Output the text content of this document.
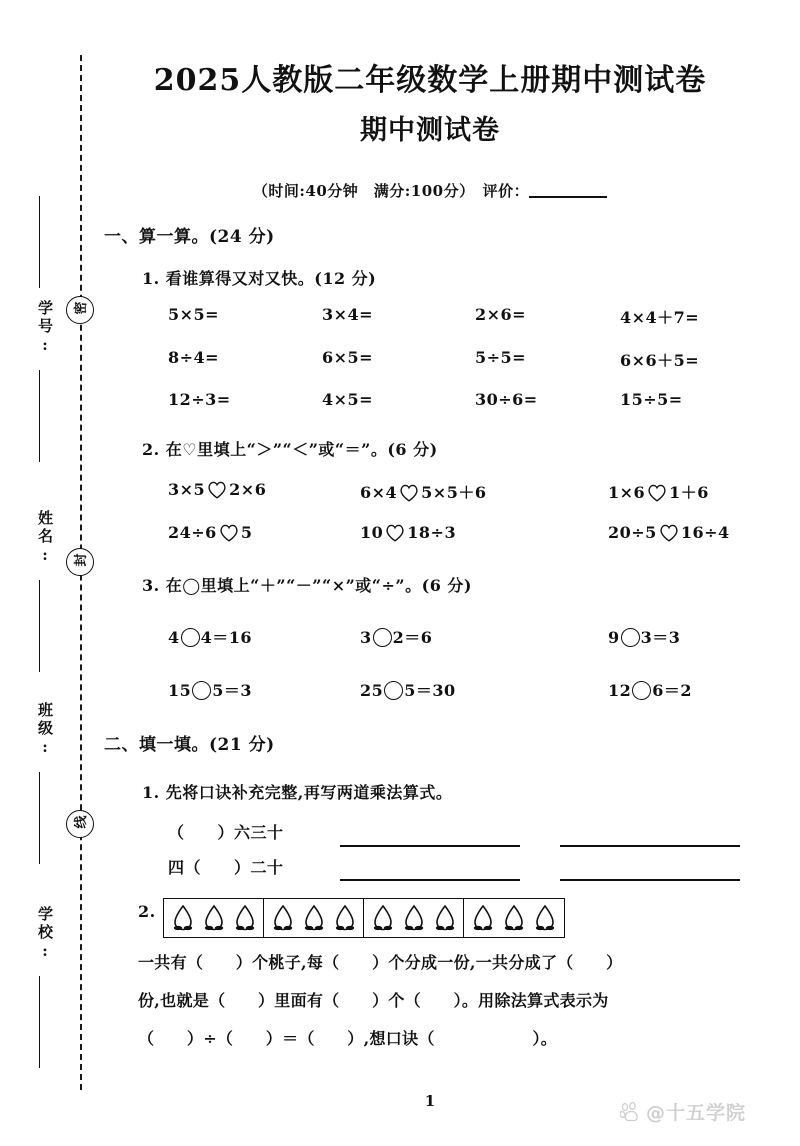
密
封
线
学号:
姓名:
班级:
学校:
2025人教版二年级数学上册期中测试卷
期中测试卷
（时间:40分钟　满分:100分）　评价：
一、算一算。(24 分)
1. 看谁算得又对又快。(12 分)
5×5=	3×4=	2×6=	4×4＋7=
8÷4=	6×5=	5÷5=	6×6＋5=
12÷3=	4×5=	30÷6=	15÷5=
2. 在♡里填上“＞”“＜”或“＝”。(6 分)
3×5 2×6	6×4 5×5＋6	1×6 1＋6
24÷6 5	10 18÷3	20÷5 16÷4
3. 在◯里填上“＋”“－”“×”或“÷”。(6 分)
4 4＝16	3 2＝6	9 3＝3
15 5＝3	25 5＝30	12 6＝2
二、填一填。(21 分)
1. 先将口诀补充完整,再写两道乘法算式。
（　　）六三十
四（　　）二十
2.
一共有（　　）个桃子,每（　　）个分成一份,一共分成了（　　）
份,也就是（　　）里面有（　　）个（　　）。用除法算式表示为
（　　）÷（　　）＝（　　）,想口诀（　　　　　　）。
1
@十五学院
